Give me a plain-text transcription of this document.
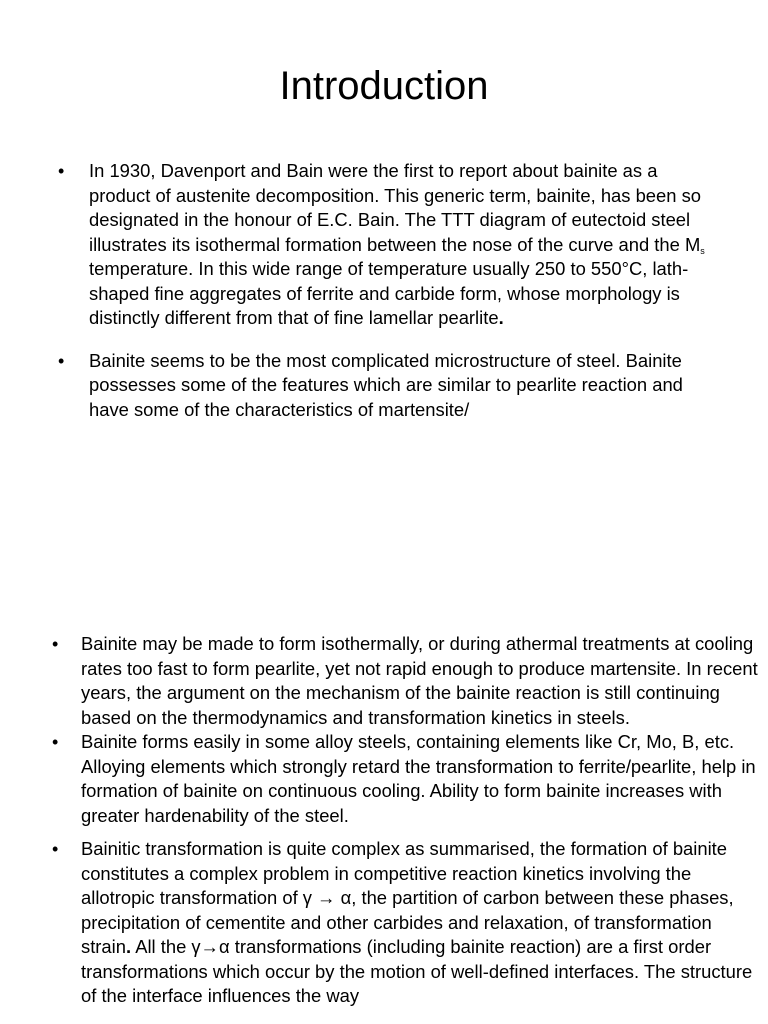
Introduction
• In 1930, Davenport and Bain were the first to report about bainite as a product of austenite decomposition. This generic term, bainite, has been so designated in the honour of E.C. Bain. The TTT diagram of eutectoid steel illustrates its isothermal formation between the nose of the curve and the $M_s$ temperature. In this wide range of temperature usually 250 to 550°C, lath-shaped fine aggregates of ferrite and carbide form, whose morphology is distinctly different from that of fine lamellar pearlite.
• Bainite seems to be the most complicated microstructure of steel. Bainite possesses some of the features which are similar to pearlite reaction and have some of the characteristics of martensite/
• Bainite may be made to form isothermally, or during athermal treatments at cooling rates too fast to form pearlite, yet not rapid enough to produce martensite. In recent years, the argument on the mechanism of the bainite reaction is still continuing based on the thermodynamics and transformation kinetics in steels.
• Bainite forms easily in some alloy steels, containing elements like Cr, Mo, B, etc. Alloying elements which strongly retard the transformation to ferrite/pearlite, help in formation of bainite on continuous cooling. Ability to form bainite increases with greater hardenability of the steel.
• Bainitic transformation is quite complex as summarised, the formation of bainite constitutes a complex problem in competitive reaction kinetics involving the allotropic transformation of γ → α, the partition of carbon between these phases, precipitation of cementite and other carbides and relaxation, of transformation strain. All the γ→α transformations (including bainite reaction) are a first order transformations which occur by the motion of well-defined interfaces. The structure of the interface influences the way
